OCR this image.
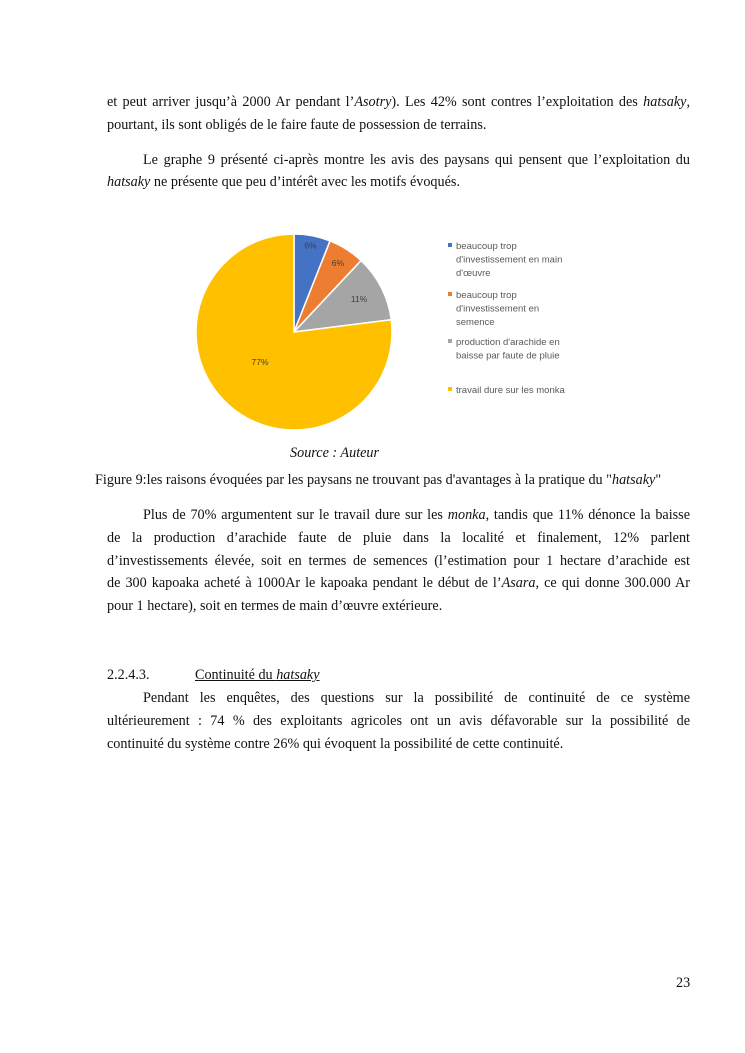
et peut arriver jusqu’à 2000 Ar pendant l’Asotry). Les 42% sont contres l’exploitation des hatsaky,
pourtant, ils sont obligés de le faire faute de possession de terrains.
Le graphe 9 présenté ci-après montre les avis des paysans qui pensent que l’exploitation du
hatsaky ne présente que peu d’intérêt avec les motifs évoqués.
6%
6%
11%
77%
beaucoup trop
d'investissement en main
d'œuvre
beaucoup trop
d'investissement en
semence
production d'arachide en
baisse par faute de pluie
travail dure sur les monka
Source : Auteur
Figure 9:les raisons évoquées par les paysans ne trouvant pas d'avantages à la pratique du "hatsaky"
Plus de 70% argumentent sur le travail dure sur les monka, tandis que 11% dénonce la baisse
de la production d’arachide faute de pluie dans la localité et finalement, 12% parlent
d’investissements élevée, soit en termes de semences (l’estimation pour 1 hectare d’arachide est
de 300 kapoaka acheté à 1000Ar le kapoaka pendant le début de l’Asara, ce qui donne 300.000 Ar
pour 1 hectare), soit en termes de main d’œuvre extérieure.
2.2.4.3.	Continuité du hatsaky
Pendant les enquêtes, des questions sur la possibilité de continuité de ce système
ultérieurement : 74 % des exploitants agricoles ont un avis défavorable sur la possibilité de
continuité du système contre 26% qui évoquent la possibilité de cette continuité.
23
